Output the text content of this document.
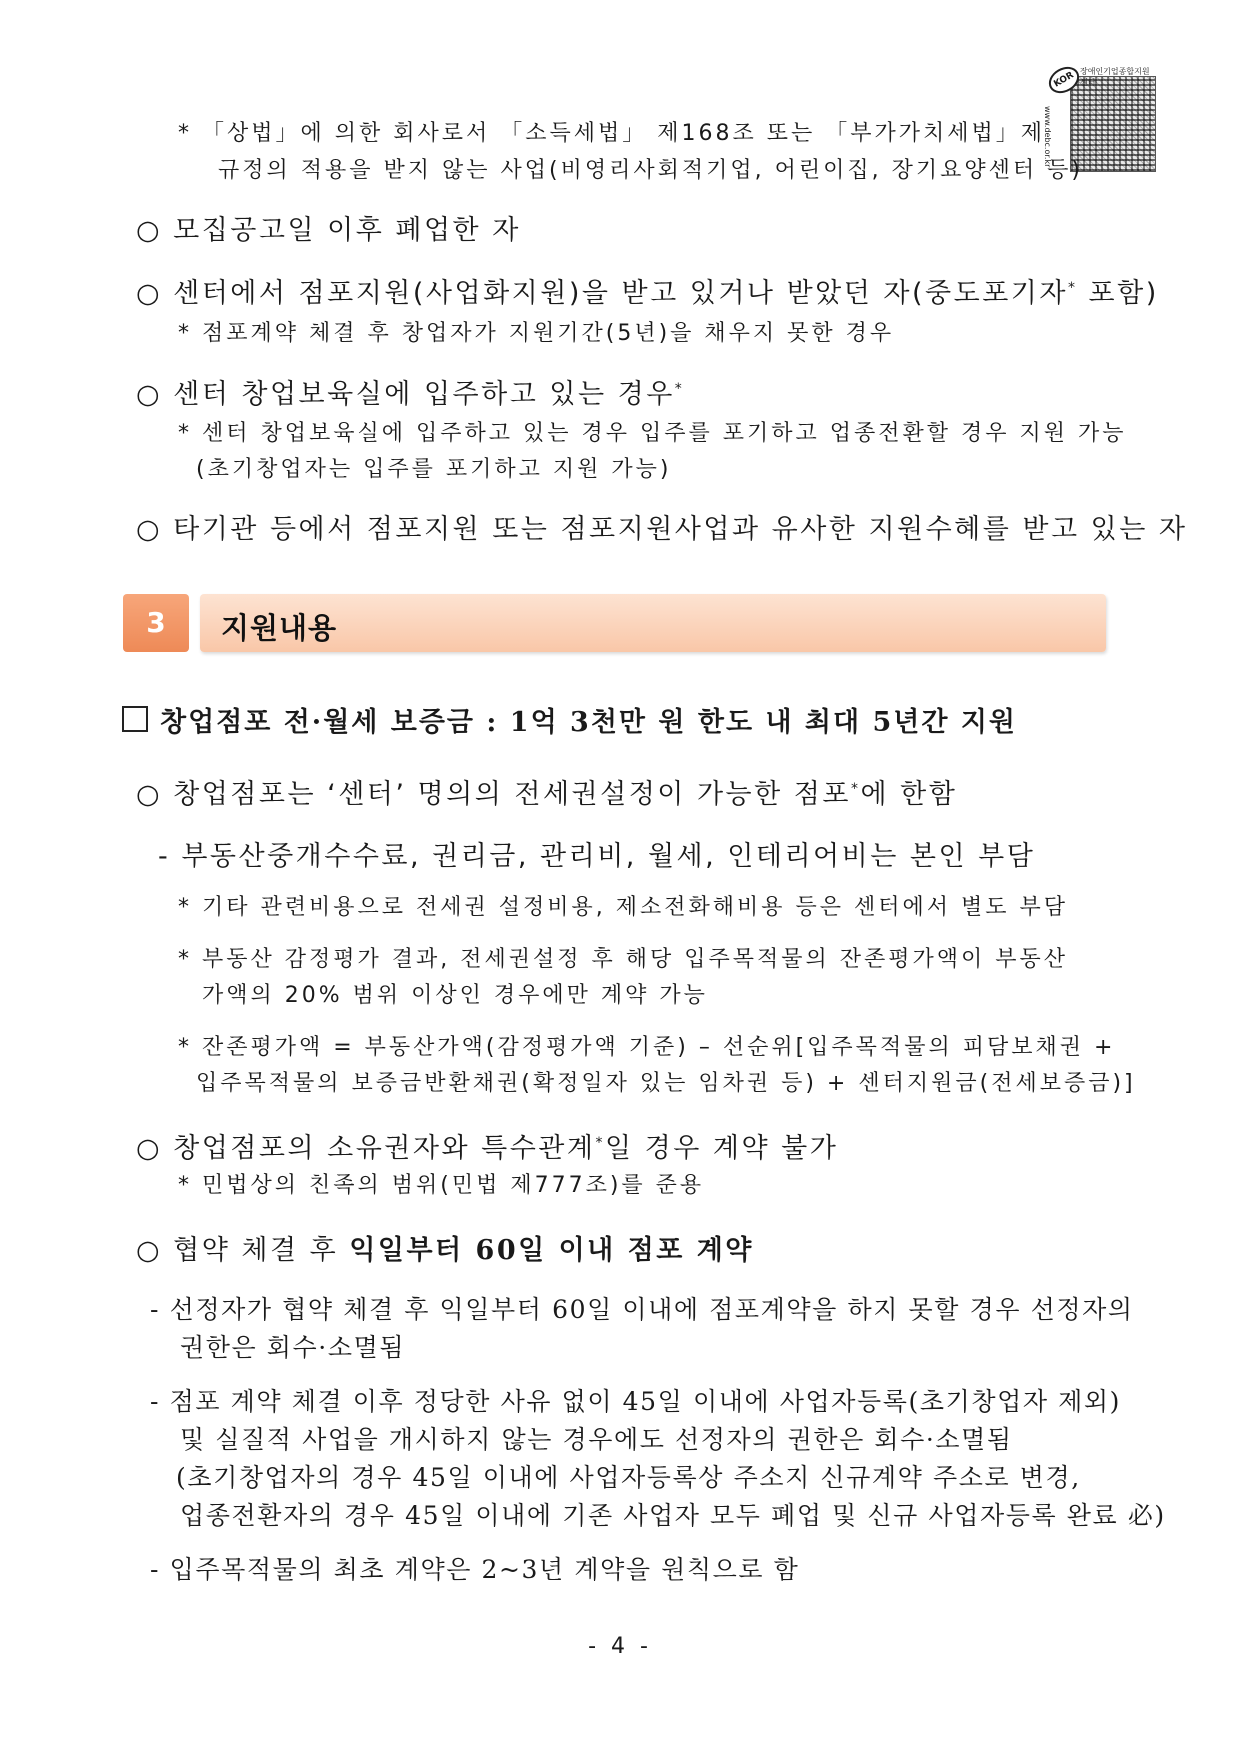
KOR 장애인기업종합지원센터
www.debc.or.kr
* 「상법」에 의한 회사로서 「소득세법」 제168조 또는 「부가가치세법」제
규정의 적용을 받지 않는 사업(비영리사회적기업, 어린이집, 장기요양센터 등)
○ 모집공고일 이후 폐업한 자
○ 센터에서 점포지원(사업화지원)을 받고 있거나 받았던 자(중도포기자* 포함)
* 점포계약 체결 후 창업자가 지원기간(5년)을 채우지 못한 경우
○ 센터 창업보육실에 입주하고 있는 경우*
* 센터 창업보육실에 입주하고 있는 경우 입주를 포기하고 업종전환할 경우 지원 가능
(초기창업자는 입주를 포기하고 지원 가능)
○ 타기관 등에서 점포지원 또는 점포지원사업과 유사한 지원수혜를 받고 있는 자
3	지원내용
창업점포 전·월세 보증금 : 1억 3천만 원 한도 내 최대 5년간 지원
○ 창업점포는 ‘센터’ 명의의 전세권설정이 가능한 점포*에 한함
- 부동산중개수수료, 권리금, 관리비, 월세, 인테리어비는 본인 부담
* 기타 관련비용으로 전세권 설정비용, 제소전화해비용 등은 센터에서 별도 부담
* 부동산 감정평가 결과, 전세권설정 후 해당 입주목적물의 잔존평가액이 부동산
가액의 20% 범위 이상인 경우에만 계약 가능
* 잔존평가액 = 부동산가액(감정평가액 기준) – 선순위[입주목적물의 피담보채권 +
입주목적물의 보증금반환채권(확정일자 있는 임차권 등) + 센터지원금(전세보증금)]
○ 창업점포의 소유권자와 특수관계*일 경우 계약 불가
* 민법상의 친족의 범위(민법 제777조)를 준용
○ 협약 체결 후 익일부터 60일 이내 점포 계약
- 선정자가 협약 체결 후 익일부터 60일 이내에 점포계약을 하지 못할 경우 선정자의
권한은 회수·소멸됨
- 점포 계약 체결 이후 정당한 사유 없이 45일 이내에 사업자등록(초기창업자 제외)
및 실질적 사업을 개시하지 않는 경우에도 선정자의 권한은 회수·소멸됨
(초기창업자의 경우 45일 이내에 사업자등록상 주소지 신규계약 주소로 변경,
업종전환자의 경우 45일 이내에 기존 사업자 모두 폐업 및 신규 사업자등록 완료 必)
- 입주목적물의 최초 계약은 2~3년 계약을 원칙으로 함
- 4 -
